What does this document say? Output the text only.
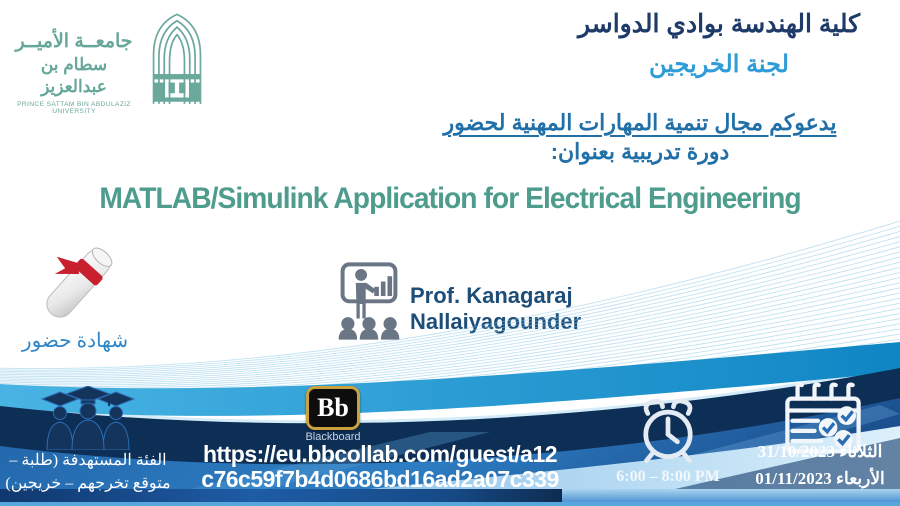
جامعــة الأميــر
سطام بن عبدالعزيز
PRINCE SATTAM BIN ABDULAZIZ UNIVERSITY
كلية الهندسة بوادي الدواسر
لجنة الخريجين
يدعوكم مجال تنمية المهارات المهنية لحضور
دورة تدريبية بعنوان:
MATLAB/Simulink Application for Electrical Engineering
شهادة حضور
Prof. Kanagaraj Nallaiyagounder
الفئة المستهدفة (طلبة –
متوقع تخرجهم – خريجين)
Bb
Blackboard
https://eu.bbcollab.com/guest/a12
c76c59f7b4d0686bd16ad2a07c339	6:00 – 8:00 PM
الثلاثاء 31/10/2023
الأربعاء 01/11/2023
